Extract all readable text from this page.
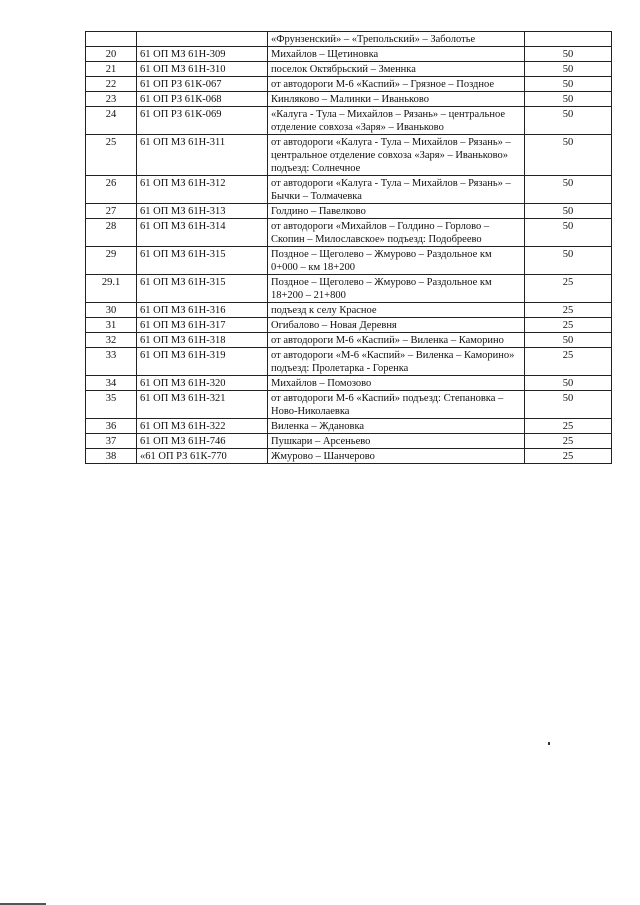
		«Фрунзенский» – «Трепольский» – Заболотье	
20	61 ОП МЗ 61Н-309	Михайлов – Щетиновка	50
21	61 ОП МЗ 61Н-310	поселок Октябрьский – Зменнка	50
22	61 ОП РЗ 61К-067	от автодороги М-6 «Каспий» – Грязное – Поздное	50
23	61 ОП РЗ 61К-068	Кинляково – Малинки – Иваньково	50
24	61 ОП РЗ 61К-069	«Калуга - Тула – Михайлов – Рязань» – центральное отделение совхоза «Заря» – Иваньково	50
25	61 ОП МЗ 61Н-311	от автодороги «Калуга - Тула – Михайлов – Рязань» – центральное отделение совхоза «Заря» – Иваньково» подъезд: Солнечное	50
26	61 ОП МЗ 61Н-312	от автодороги «Калуга - Тула – Михайлов – Рязань» – Бычки – Толмачевка	50
27	61 ОП МЗ 61Н-313	Голдино – Павелково	50
28	61 ОП МЗ 61Н-314	от автодороги «Михайлов – Голдино – Горлово – Скопин – Милославское» подъезд: Подобреево	50
29	61 ОП МЗ 61Н-315	Поздное – Щеголево – Жмурово – Раздольное км 0+000 – км 18+200	50
29.1	61 ОП МЗ 61Н-315	Поздное – Щеголево – Жмурово – Раздольное км 18+200 – 21+800	25
30	61 ОП МЗ 61Н-316	подъезд к селу Красное	25
31	61 ОП МЗ 61Н-317	Огибалово – Новая Деревня	25
32	61 ОП МЗ 61Н-318	от автодороги М-6 «Каспий» – Виленка – Каморино	50
33	61 ОП МЗ 61Н-319	от автодороги «М-6 «Каспий» – Виленка – Каморино» подъезд: Пролетарка - Горенка	25
34	61 ОП МЗ 61Н-320	Михайлов – Помозово	50
35	61 ОП МЗ 61Н-321	от автодороги М-6 «Каспий» подъезд: Степановка – Ново-Николаевка	50
36	61 ОП МЗ 61Н-322	Виленка – Ждановка	25
37	61 ОП МЗ 61Н-746	Пушкари – Арсеньево	25
38	«61 ОП РЗ 61К-770	Жмурово – Шанчерово	25
